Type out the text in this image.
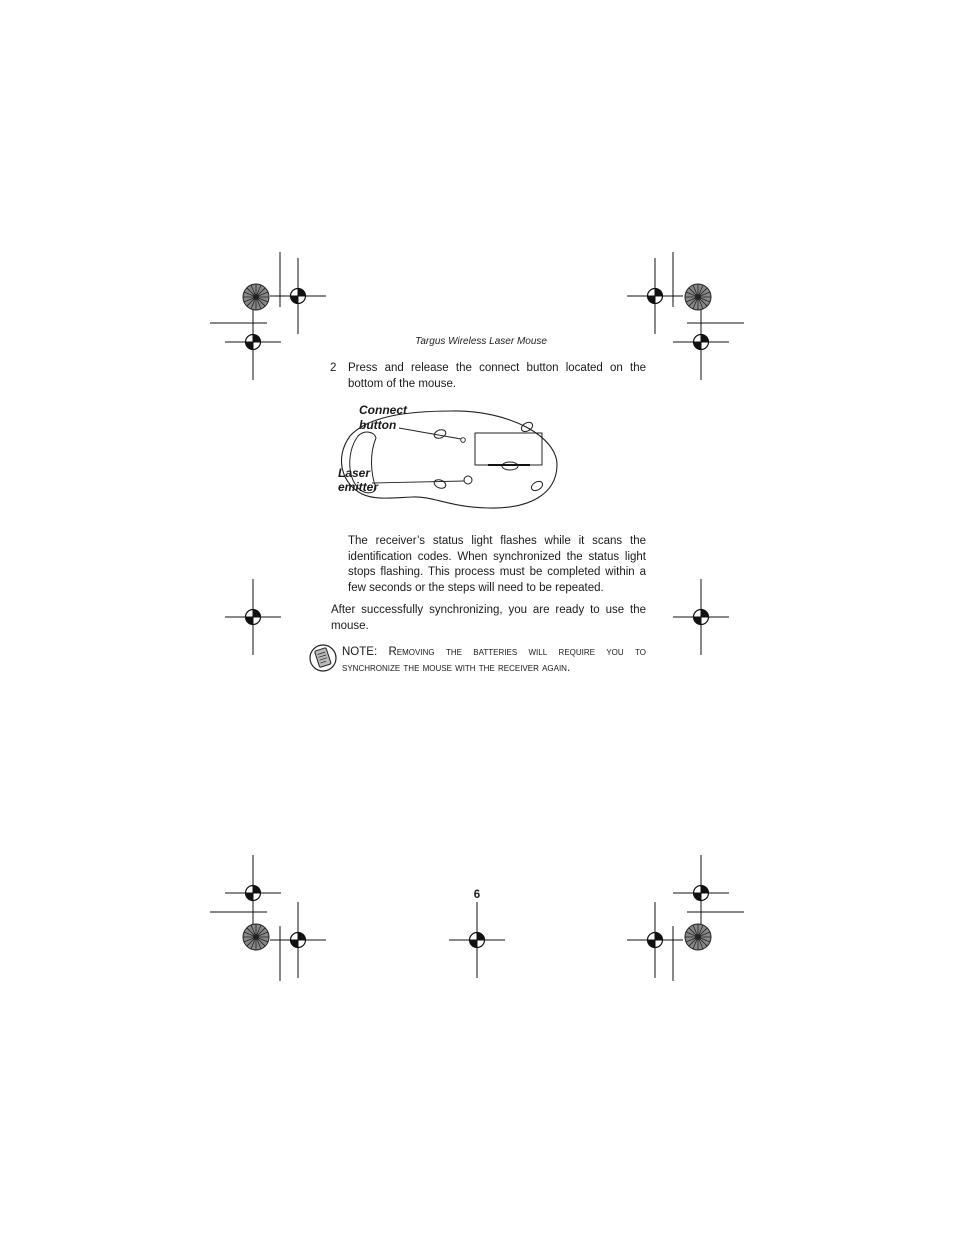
Targus Wireless Laser Mouse
2 Press and release the connect button located on the bottom of the mouse.
Connect
button
Laser
emitter
The receiver’s status light flashes while it scans the identification codes. When synchronized the status light stops flashing. This process must be completed within a few seconds or the steps will need to be repeated.
After successfully synchronizing, you are ready to use the mouse.
NOTE: Removing the batteries will require you to synchronize the mouse with the receiver again.
6
